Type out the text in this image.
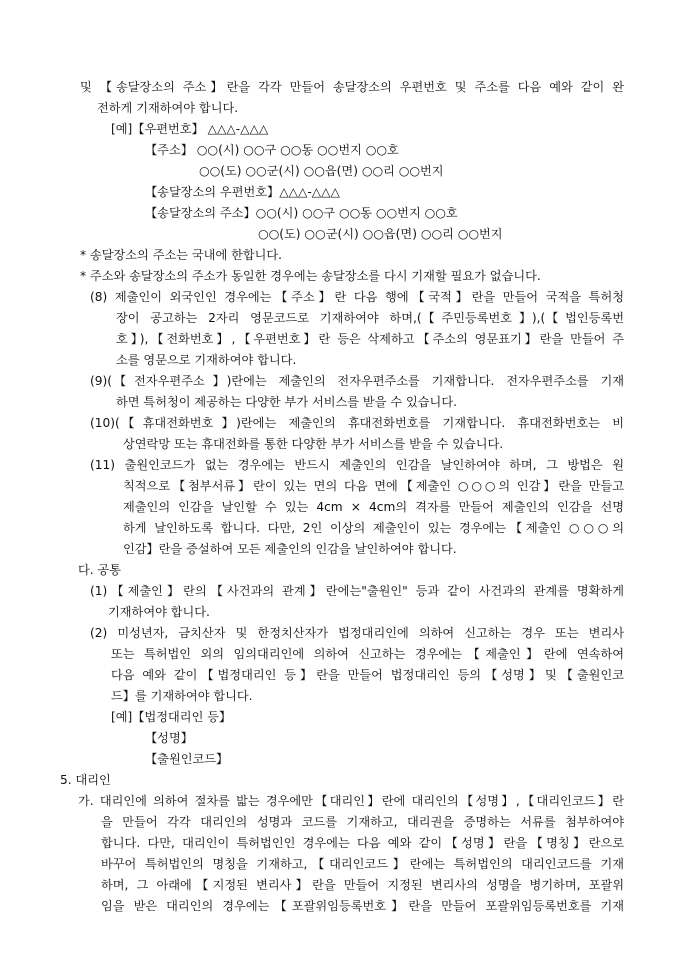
및 【송달장소의 주소】란을 각각 만들어 송달장소의 우편번호 및 주소를 다음 예와 같이 완

전하게 기재하여야 합니다.

[예]【우편번호】 △△△-△△△

【주소】 ○○(시) ○○구 ○○동 ○○번지 ○○호

○○(도) ○○군(시) ○○읍(면) ○○리 ○○번지

【송달장소의 우편번호】△△△-△△△

【송달장소의 주소】○○(시) ○○구 ○○동 ○○번지 ○○호

○○(도) ○○군(시) ○○읍(면) ○○리 ○○번지

* 송달장소의 주소는 국내에 한합니다.

* 주소와 송달장소의 주소가 동일한 경우에는 송달장소를 다시 기재할 필요가 없습니다.

(8) 제출인이 외국인인 경우에는【주소】란 다음 행에【국적】란을 만들어 국적을 특허청

장이 공고하는 2자리 영문코드로 기재하여야 하며,(【주민등록번호】),(【법인등록번

호】),【전화번호】,【우편번호】란 등은 삭제하고【주소의 영문표기】란을 만들어 주

소를 영문으로 기재하여야 합니다.

(9)(【전자우편주소】)란에는 제출인의 전자우편주소를 기재합니다. 전자우편주소를 기재

하면 특허청이 제공하는 다양한 부가 서비스를 받을 수 있습니다.

(10)(【휴대전화번호】)란에는 제출인의 휴대전화번호를 기재합니다. 휴대전화번호는 비

상연락망 또는 휴대전화를 통한 다양한 부가 서비스를 받을 수 있습니다.

(11) 출원인코드가 없는 경우에는 반드시 제출인의 인감을 날인하여야 하며, 그 방법은 원

칙적으로【첨부서류】란이 있는 면의 다음 면에【제출인 ○○○의 인감】란을 만들고

제출인의 인감을 날인할 수 있는 4cm × 4cm의 격자를 만들어 제출인의 인감을 선명

하게 날인하도록 합니다. 다만, 2인 이상의 제출인이 있는 경우에는【제출인 ○○○의

인감】란을 증설하여 모든 제출인의 인감을 날인하여야 합니다.

다. 공통

(1)【제출인】란의【사건과의 관계】란에는"출원인" 등과 같이 사건과의 관계를 명확하게

기재하여야 합니다.

(2) 미성년자, 금치산자 및 한정치산자가 법정대리인에 의하여 신고하는 경우 또는 변리사

또는 특허법인 외의 임의대리인에 의하여 신고하는 경우에는【제출인】란에 연속하여

다음 예와 같이【법정대리인 등】란을 만들어 법정대리인 등의【성명】및【출원인코

드】를 기재하여야 합니다.

[예]【법정대리인 등】

【성명】

【출원인코드】

5. 대리인

가. 대리인에 의하여 절차를 밟는 경우에만【대리인】란에 대리인의【성명】,【대리인코드】란

을 만들어 각각 대리인의 성명과 코드를 기재하고, 대리권을 증명하는 서류를 첨부하여야

합니다. 다만, 대리인이 특허법인인 경우에는 다음 예와 같이【성명】란을【명칭】란으로

바꾸어 특허법인의 명칭을 기재하고,【대리인코드】란에는 특허법인의 대리인코드를 기재

하며, 그 아래에【지정된 변리사】란을 만들어 지정된 변리사의 성명을 병기하며, 포괄위

임을 받은 대리인의 경우에는【포괄위임등록번호】란을 만들어 포괄위임등록번호를 기재
